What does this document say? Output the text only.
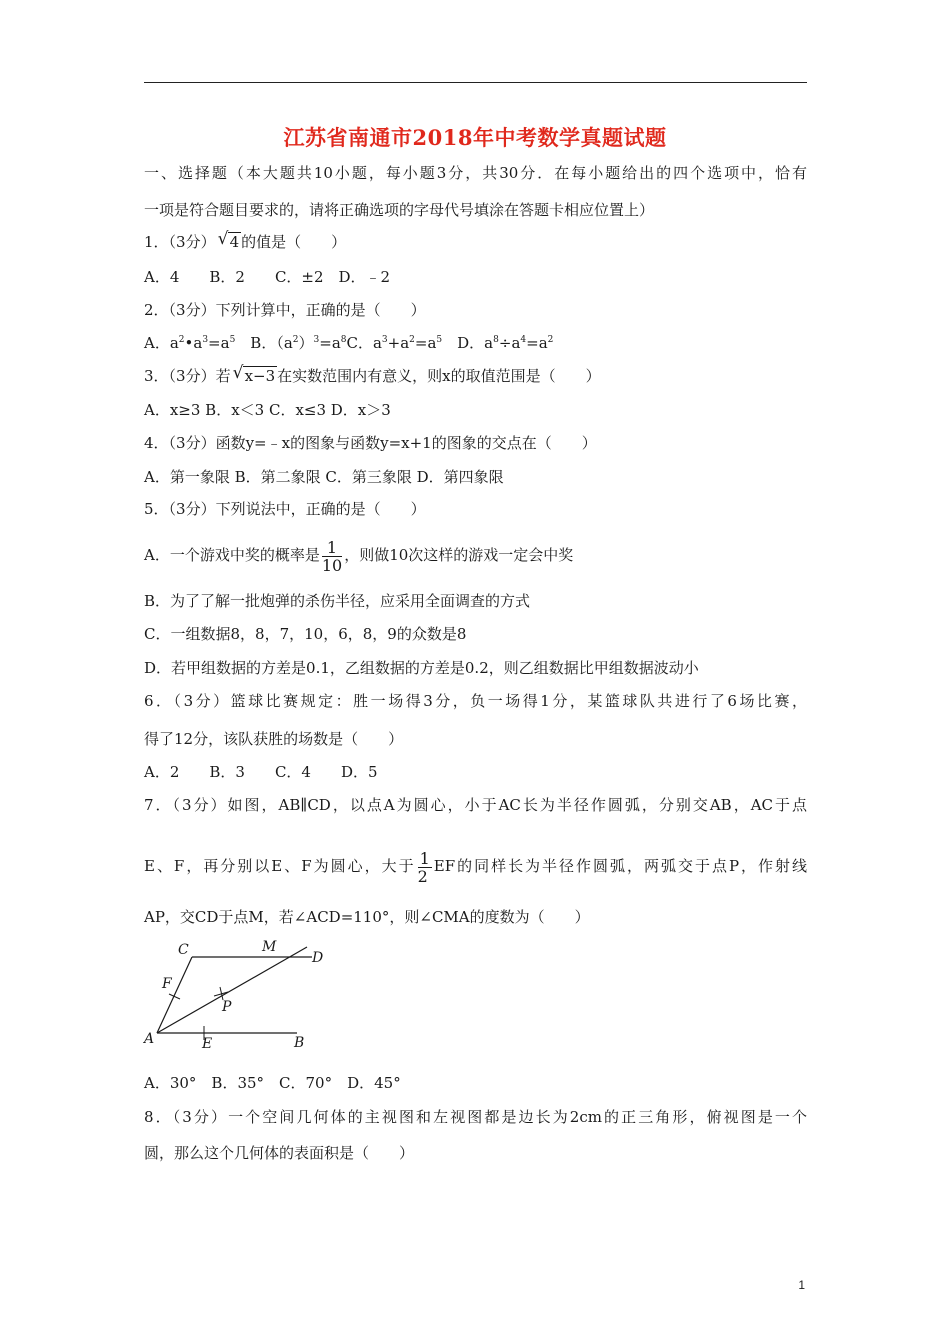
江苏省南通市2018年中考数学真题试题
一、选择题（本大题共10小题，每小题3分，共30分．在每小题给出的四个选项中，恰有
一项是符合题目要求的，请将正确选项的字母代号填涂在答题卡相应位置上）
1．（3分） √ 4 的值是（　　）
A．4　　B．2　　C．±2　D．﹣2
2．（3分）下列计算中，正确的是（　　）
A．$a^2•a^3=a^5$　B．$(a^2)^3=a^8C$．$a^3+a^2=a^5$　D．$a^8\div a^4=a^2$
3．（3分）若 √ x−3 在实数范围内有意义，则x的取值范围是（　　）
A．x≥3 B．x＜3 C．x≤3 D．x＞3
4．（3分）函数y=﹣x的图象与函数y=x+1的图象的交点在（　　）
A．第一象限 B．第二象限 C．第三象限 D．第四象限
5．（3分）下列说法中，正确的是（　　）
A．一个游戏中奖的概率是 $\frac{1}{10}$ ，则做10次这样的游戏一定会中奖
B．为了了解一批炮弹的杀伤半径，应采用全面调查的方式
C．一组数据8，8，7，10，6，8，9的众数是8
D．若甲组数据的方差是0.1，乙组数据的方差是0.2，则乙组数据比甲组数据波动小
6．（3分）篮球比赛规定：胜一场得3分，负一场得1分，某篮球队共进行了6场比赛，
得了12分，该队获胜的场数是（　　）
A．2　　B．3　　C．4　　D．5
7．（3分）如图，AB∥CD，以点A为圆心，小于AC长为半径作圆弧，分别交AB，AC于点
E、F，再分别以E、F为圆心，大于 $\frac{1}{2}$ EF的同样长为半径作圆弧，两弧交于点P，作射线
AP，交CD于点M，若∠ACD=110°，则∠CMA的度数为（　　）
A	B
C	D
E
F
M
P
A．30°　B．35°　C．70°　D．45°
8．（3分）一个空间几何体的主视图和左视图都是边长为2cm的正三角形，俯视图是一个
圆，那么这个几何体的表面积是（　　）
1
